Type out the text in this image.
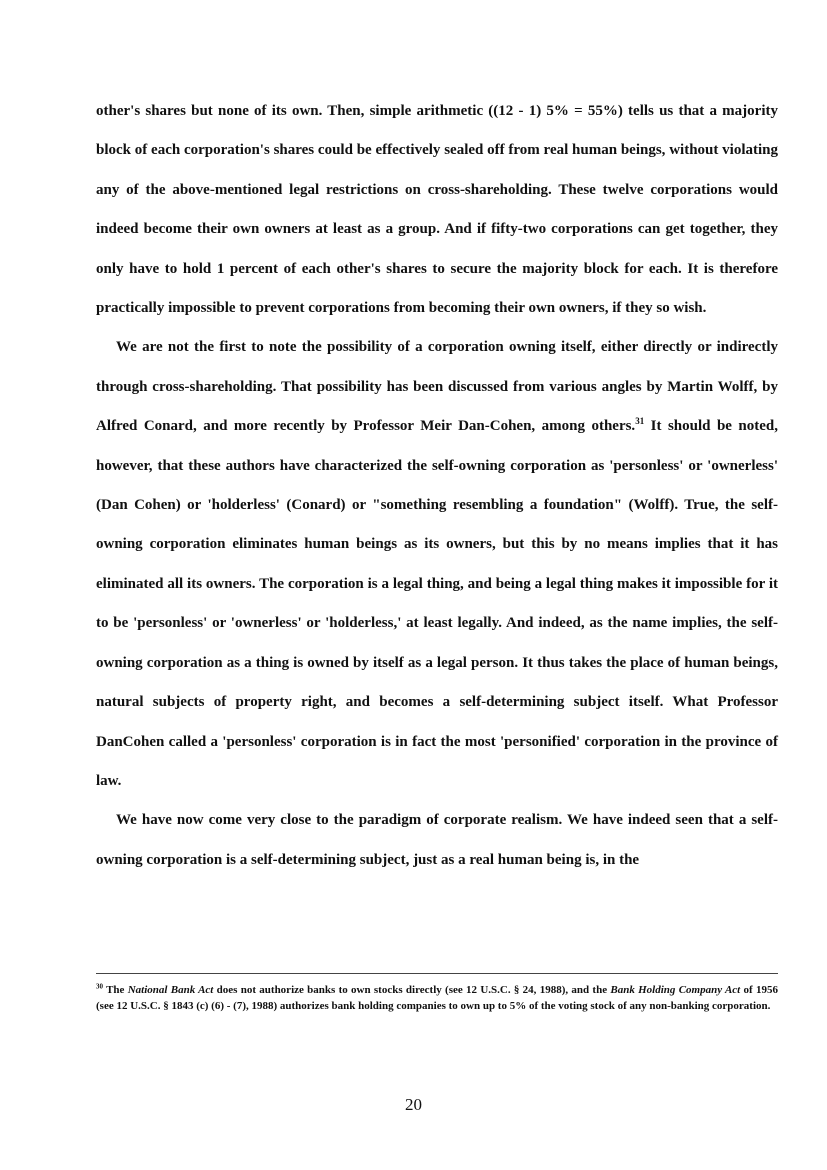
other's shares but none of its own. Then, simple arithmetic ((12 - 1) 5% = 55%) tells us that a majority block of each corporation's shares could be effectively sealed off from real human beings, without violating any of the above-mentioned legal restrictions on cross-shareholding. These twelve corporations would indeed become their own owners at least as a group. And if fifty-two corporations can get together, they only have to hold 1 percent of each other's shares to secure the majority block for each. It is therefore practically impossible to prevent corporations from becoming their own owners, if they so wish.

We are not the first to note the possibility of a corporation owning itself, either directly or indirectly through cross-shareholding. That possibility has been discussed from various angles by Martin Wolff, by Alfred Conard, and more recently by Professor Meir Dan-Cohen, among others.$^{31}$ It should be noted, however, that these authors have characterized the self-owning corporation as 'personless' or 'ownerless' (Dan Cohen) or 'holderless' (Conard) or "something resembling a foundation" (Wolff). True, the self-owning corporation eliminates human beings as its owners, but this by no means implies that it has eliminated all its owners. The corporation is a legal thing, and being a legal thing makes it impossible for it to be 'personless' or 'ownerless' or 'holderless,' at least legally. And indeed, as the name implies, the self-owning corporation as a thing is owned by itself as a legal person. It thus takes the place of human beings, natural subjects of property right, and becomes a self-determining subject itself. What Professor DanCohen called a 'personless' corporation is in fact the most 'personified' corporation in the province of law.

We have now come very close to the paradigm of corporate realism. We have indeed seen that a self-owning corporation is a self-determining subject, just as a real human being is, in the

$^{30}$ The National Bank Act does not authorize banks to own stocks directly (see 12 U.S.C. § 24, 1988), and the Bank Holding Company Act of 1956 (see 12 U.S.C. § 1843 (c) (6) - (7), 1988) authorizes bank holding companies to own up to 5% of the voting stock of any non-banking corporation.

20
